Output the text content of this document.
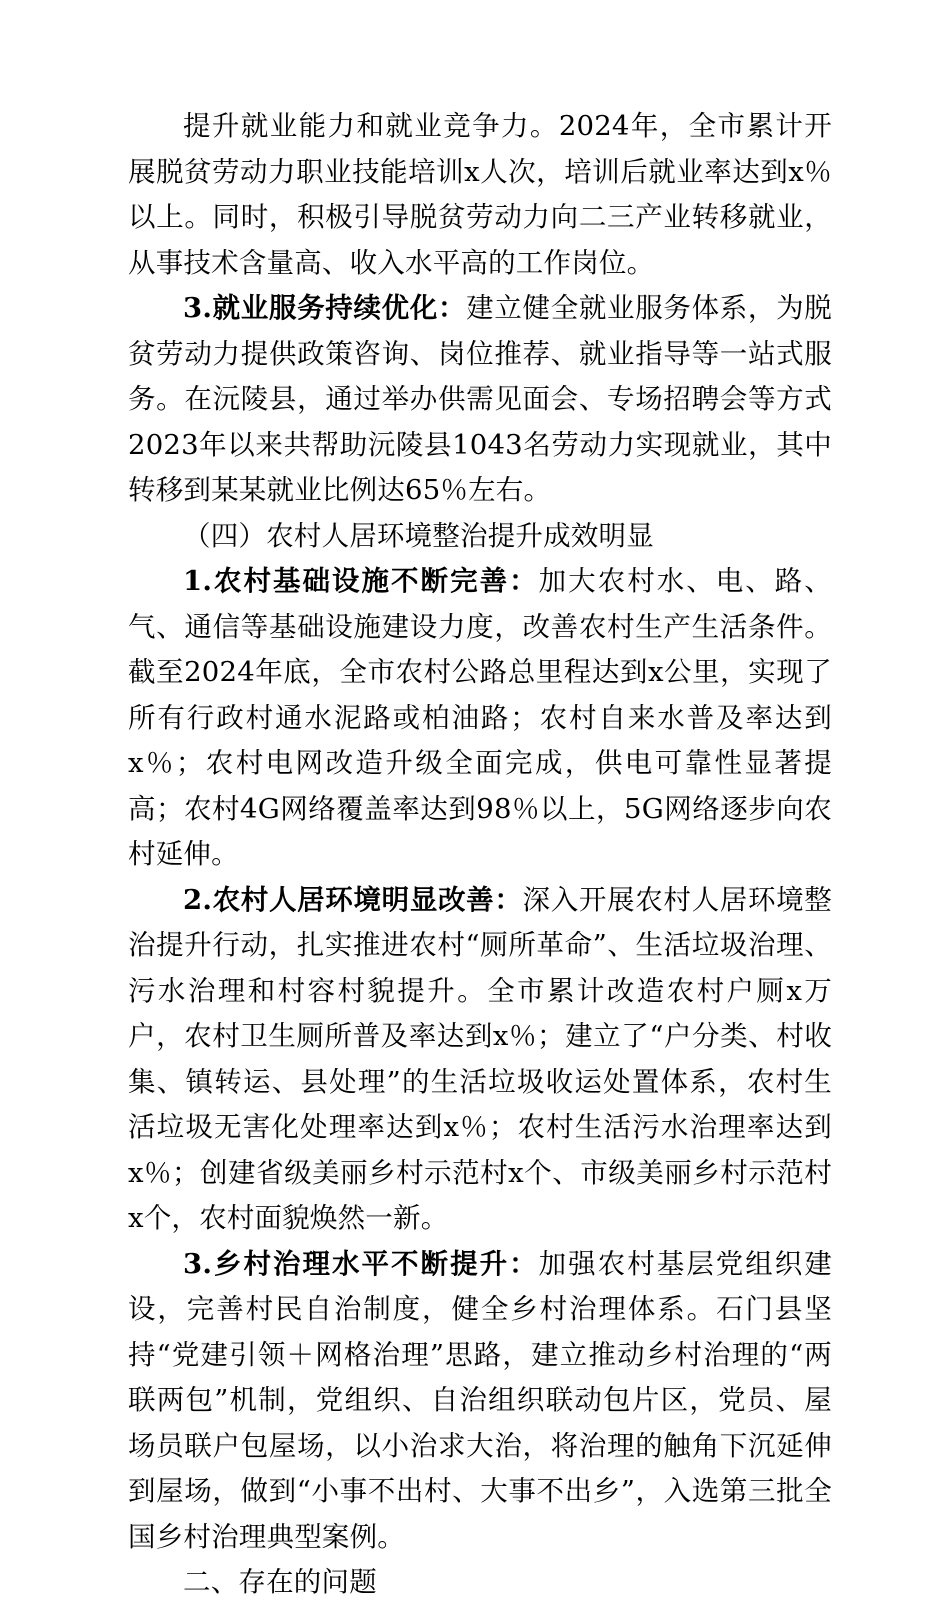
提升就业能力和就业竞争力。2024年，全市累计开展脱贫劳动力职业技能培训x人次，培训后就业率达到x％以上。同时，积极引导脱贫劳动力向二三产业转移就业，从事技术含量高、收入水平高的工作岗位。

3.就业服务持续优化：建立健全就业服务体系，为脱贫劳动力提供政策咨询、岗位推荐、就业指导等一站式服务。在沅陵县，通过举办供需见面会、专场招聘会等方式2023年以来共帮助沅陵县1043名劳动力实现就业，其中转移到某某就业比例达65％左右。

（四）农村人居环境整治提升成效明显

1.农村基础设施不断完善：加大农村水、电、路、气、通信等基础设施建设力度，改善农村生产生活条件。截至2024年底，全市农村公路总里程达到x公里，实现了所有行政村通水泥路或柏油路；农村自来水普及率达到x％；农村电网改造升级全面完成，供电可靠性显著提高；农村4G网络覆盖率达到98％以上，5G网络逐步向农村延伸。

2.农村人居环境明显改善：深入开展农村人居环境整治提升行动，扎实推进农村“厕所革命”、生活垃圾治理、污水治理和村容村貌提升。全市累计改造农村户厕x万户，农村卫生厕所普及率达到x％；建立了“户分类、村收集、镇转运、县处理”的生活垃圾收运处置体系，农村生活垃圾无害化处理率达到x％；农村生活污水治理率达到x％；创建省级美丽乡村示范村x个、市级美丽乡村示范村x个，农村面貌焕然一新。

3.乡村治理水平不断提升：加强农村基层党组织建设，完善村民自治制度，健全乡村治理体系。石门县坚持“党建引领＋网格治理”思路，建立推动乡村治理的“两联两包”机制，党组织、自治组织联动包片区，党员、屋场员联户包屋场，以小治求大治，将治理的触角下沉延伸到屋场，做到“小事不出村、大事不出乡”，入选第三批全国乡村治理典型案例。

二、存在的问题
